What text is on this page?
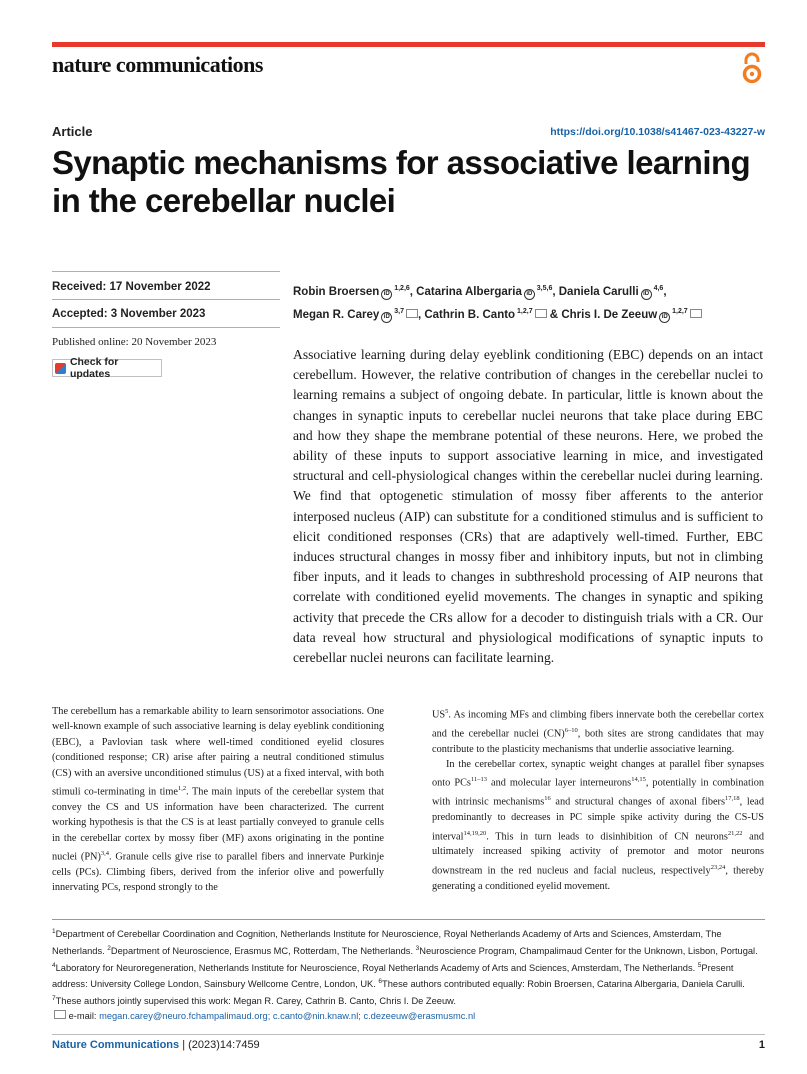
nature communications
Article	https://doi.org/10.1038/s41467-023-43227-w
Synaptic mechanisms for associative learning in the cerebellar nuclei
Received: 17 November 2022
Accepted: 3 November 2023
Published online: 20 November 2023
Check for updates
Robin Broersen iD $^{1,2,6}$, Catarina Albergaria iD $^{3,5,6}$, Daniela Carulli iD $^{4,6}$,
Megan R. Carey iD $^{3,7}$ , Cathrin B. Canto $^{1,2,7}$ & Chris I. De Zeeuw iD $^{1,2,7}$
Associative learning during delay eyeblink conditioning (EBC) depends on an intact cerebellum. However, the relative contribution of changes in the cerebellar nuclei to learning remains a subject of ongoing debate. In particular, little is known about the changes in synaptic inputs to cerebellar nuclei neurons that take place during EBC and how they shape the membrane potential of these neurons. Here, we probed the ability of these inputs to support associative learning in mice, and investigated structural and cell-physiological changes within the cerebellar nuclei during learning. We find that optogenetic stimulation of mossy fiber afferents to the anterior interposed nucleus (AIP) can substitute for a conditioned stimulus and is sufficient to elicit conditioned responses (CRs) that are adaptively well-timed. Further, EBC induces structural changes in mossy fiber and inhibitory inputs, but not in climbing fiber inputs, and it leads to changes in subthreshold processing of AIP neurons that correlate with conditioned eyelid movements. The changes in synaptic and spiking activity that precede the CRs allow for a decoder to distinguish trials with a CR. Our data reveal how structural and physiological modifications of synaptic inputs to cerebellar nuclei neurons can facilitate learning.
The cerebellum has a remarkable ability to learn sensorimotor associations. One well-known example of such associative learning is delay eyeblink conditioning (EBC), a Pavlovian task where well-timed conditioned eyelid closures (conditioned response; CR) arise after pairing a neutral conditioned stimulus (CS) with an aversive unconditioned stimulus (US) at a fixed interval, with both stimuli co-terminating in time$^{1,2}$. The main inputs of the cerebellar system that convey the CS and US information have been characterized. The current working hypothesis is that the CS is at least partially conveyed to granule cells in the cerebellar cortex by mossy fiber (MF) axons originating in the pontine nuclei (PN)$^{3,4}$. Granule cells give rise to parallel fibers and innervate Purkinje cells (PCs). Climbing fibers, derived from the inferior olive and powerfully innervating PCs, respond strongly to the

$US^5$. As incoming MFs and climbing fibers innervate both the cerebellar cortex and the cerebellar nuclei (CN)$^{6-10}$, both sites are strong candidates that may contribute to the plasticity mechanisms that underlie associative learning.

In the cerebellar cortex, synaptic weight changes at parallel fiber synapses onto PCs$^{11-13}$ and molecular layer interneurons$^{14,15}$, potentially in combination with intrinsic mechanisms$^{16}$ and structural changes of axonal fibers$^{17,18}$, lead predominantly to decreases in PC simple spike activity during the CS-US interval$^{14,19,20}$. This in turn leads to disinhibition of CN neurons$^{21,22}$ and ultimately increased spiking activity of premotor and motor neurons downstream in the red nucleus and facial nucleus, respectively$^{23,24}$, thereby generating a conditioned eyelid movement.

$^1$Department of Cerebellar Coordination and Cognition, Netherlands Institute for Neuroscience, Royal Netherlands Academy of Arts and Sciences, Amsterdam, The Netherlands. $^2$Department of Neuroscience, Erasmus MC, Rotterdam, The Netherlands. $^3$Neuroscience Program, Champalimaud Center for the Unknown, Lisbon, Portugal. $^4$Laboratory for Neuroregeneration, Netherlands Institute for Neuroscience, Royal Netherlands Academy of Arts and Sciences, Amsterdam, The Netherlands. $^5$Present address: University College London, Sainsbury Wellcome Centre, London, UK. $^6$These authors contributed equally: Robin Broersen, Catarina Albergaria, Daniela Carulli. $^7$These authors jointly supervised this work: Megan R. Carey, Cathrin B. Canto, Chris I. De Zeeuw.
e-mail: megan.carey@neuro.fchampalimaud.org; c.canto@nin.knaw.nl; c.dezeeuw@erasmusmc.nl
Nature Communications | (2023)14:7459	1
